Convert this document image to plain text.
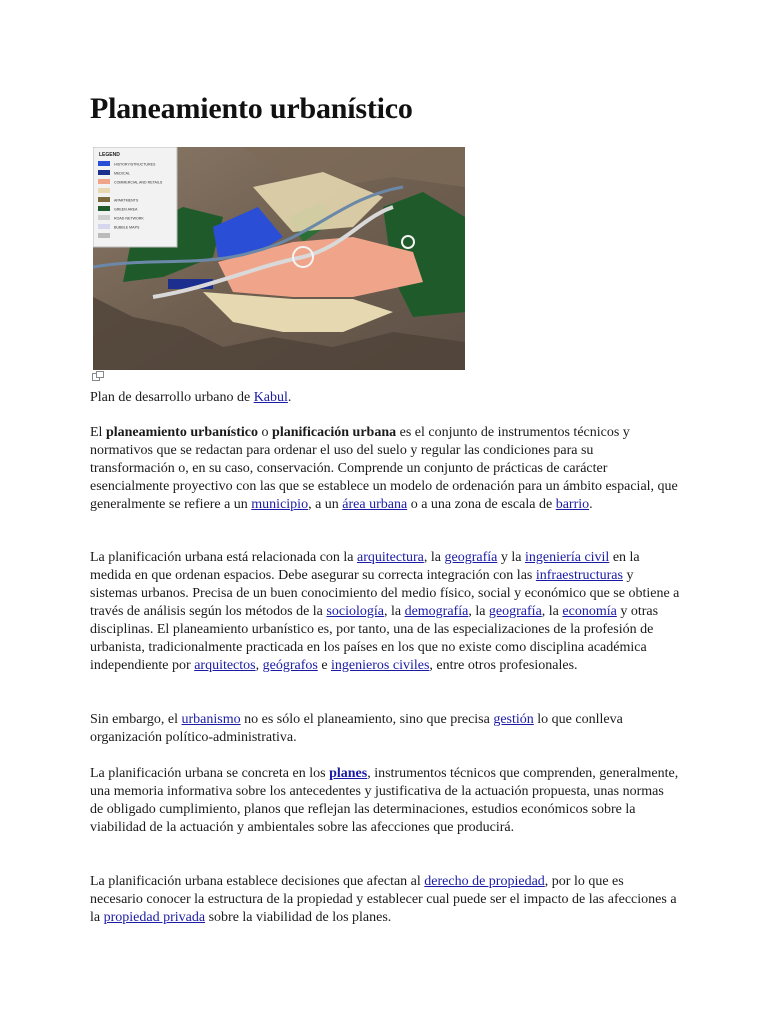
Planeamiento urbanístico
LEGEND
HISTORY/STRUCTURES
MEDICAL
COMMERCIAL AND RETAILS
APARTMENTS
GREEN AREA
ROAD NETWORK
BUBBLE MAPS

Plan de desarrollo urbano de Kabul.

El planeamiento urbanístico o planificación urbana es el conjunto de instrumentos técnicos y normativos que se redactan para ordenar el uso del suelo y regular las condiciones para su transformación o, en su caso, conservación. Comprende un conjunto de prácticas de carácter esencialmente proyectivo con las que se establece un modelo de ordenación para un ámbito espacial, que generalmente se refiere a un municipio, a un área urbana o a una zona de escala de barrio.

La planificación urbana está relacionada con la arquitectura, la geografía y la ingeniería civil en la medida en que ordenan espacios. Debe asegurar su correcta integración con las infraestructuras y sistemas urbanos. Precisa de un buen conocimiento del medio físico, social y económico que se obtiene a través de análisis según los métodos de la sociología, la demografía, la geografía, la economía y otras disciplinas. El planeamiento urbanístico es, por tanto, una de las especializaciones de la profesión de urbanista, tradicionalmente practicada en los países en los que no existe como disciplina académica independiente por arquitectos, geógrafos e ingenieros civiles, entre otros profesionales.

Sin embargo, el urbanismo no es sólo el planeamiento, sino que precisa gestión lo que conlleva organización político-administrativa.

La planificación urbana se concreta en los planes, instrumentos técnicos que comprenden, generalmente, una memoria informativa sobre los antecedentes y justificativa de la actuación propuesta, unas normas de obligado cumplimiento, planos que reflejan las determinaciones, estudios económicos sobre la viabilidad de la actuación y ambientales sobre las afecciones que producirá.

La planificación urbana establece decisiones que afectan al derecho de propiedad, por lo que es necesario conocer la estructura de la propiedad y establecer cual puede ser el impacto de las afecciones a la propiedad privada sobre la viabilidad de los planes.
